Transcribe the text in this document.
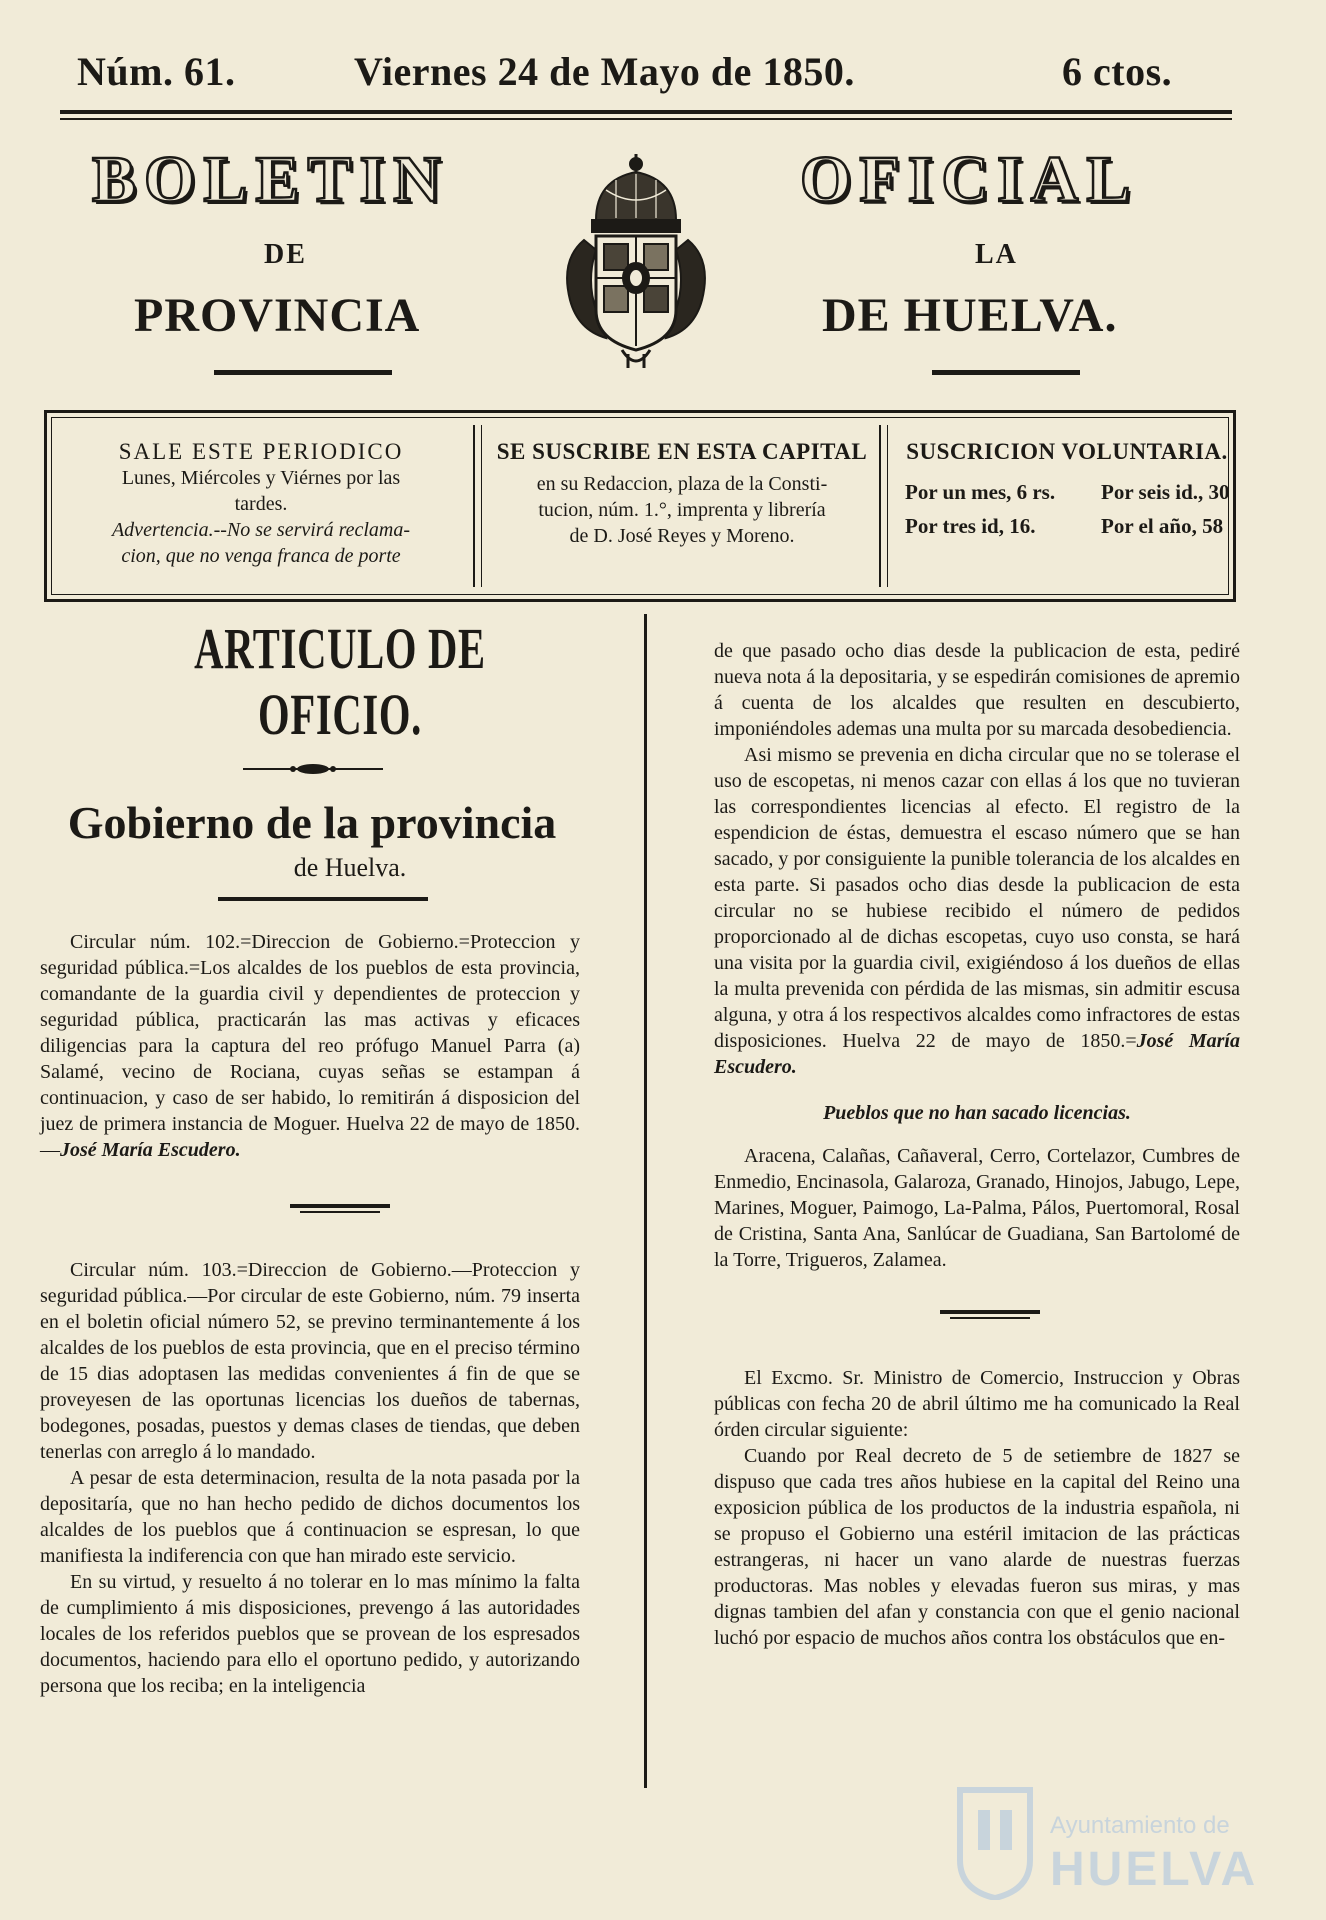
Núm. 61.	Viernes 24 de Mayo de 1850.	6 ctos.
BOLETIN	OFICIAL
DE	LA
PROVINCIA	DE HUELVA.
SALE ESTE PERIODICO
Lunes, Miércoles y Viérnes por las
tardes.
Advertencia.--No se servirá reclama-
cion, que no venga franca de porte
SE SUSCRIBE EN ESTA CAPITAL
en su Redaccion, plaza de la Consti-
tucion, núm. 1.°, imprenta y librería
de D. José Reyes y Moreno.
SUSCRICION VOLUNTARIA.
Por un mes, 6 rs. Por seis id., 30
Por tres id, 16.	Por el año, 58
ARTICULO DE OFICIO.
Gobierno de la provincia
de Huelva.

Circular núm. 102.=Direccion de Gobierno.=Proteccion y seguridad pública.=Los alcaldes de los pueblos de esta provincia, comandante de la guardia civil y dependientes de proteccion y seguridad pública, practicarán las mas activas y eficaces diligencias para la captura del reo prófugo Manuel Parra (a) Salamé, vecino de Rociana, cuyas señas se estampan á continuacion, y caso de ser habido, lo remitirán á disposicion del juez de primera instancia de Moguer. Huelva 22 de mayo de 1850.—José María Escudero.

Circular núm. 103.=Direccion de Gobierno.—Proteccion y seguridad pública.—Por circular de este Gobierno, núm. 79 inserta en el boletin oficial número 52, se previno terminantemente á los alcaldes de los pueblos de esta provincia, que en el preciso término de 15 dias adoptasen las medidas convenientes á fin de que se proveyesen de las oportunas licencias los dueños de tabernas, bodegones, posadas, puestos y demas clases de tiendas, que deben tenerlas con arreglo á lo mandado.

A pesar de esta determinacion, resulta de la nota pasada por la depositaría, que no han hecho pedido de dichos documentos los alcaldes de los pueblos que á continuacion se espresan, lo que manifiesta la indiferencia con que han mirado este servicio.

En su virtud, y resuelto á no tolerar en lo mas mínimo la falta de cumplimiento á mis disposiciones, prevengo á las autoridades locales de los referidos pueblos que se provean de los espresados documentos, haciendo para ello el oportuno pedido, y autorizando persona que los reciba; en la inteligencia

de que pasado ocho dias desde la publicacion de esta, pediré nueva nota á la depositaria, y se espedirán comisiones de apremio á cuenta de los alcaldes que resulten en descubierto, imponiéndoles ademas una multa por su marcada desobediencia.

Asi mismo se prevenia en dicha circular que no se tolerase el uso de escopetas, ni menos cazar con ellas á los que no tuvieran las correspondientes licencias al efecto. El registro de la espendicion de éstas, demuestra el escaso número que se han sacado, y por consiguiente la punible tolerancia de los alcaldes en esta parte. Si pasados ocho dias desde la publicacion de esta circular no se hubiese recibido el número de pedidos proporcionado al de dichas escopetas, cuyo uso consta, se hará una visita por la guardia civil, exigiéndoso á los dueños de ellas la multa prevenida con pérdida de las mismas, sin admitir escusa alguna, y otra á los respectivos alcaldes como infractores de estas disposiciones. Huelva 22 de mayo de 1850.=José María Escudero.

Pueblos que no han sacado licencias.

Aracena, Calañas, Cañaveral, Cerro, Cortelazor, Cumbres de Enmedio, Encinasola, Galaroza, Granado, Hinojos, Jabugo, Lepe, Marines, Moguer, Paimogo, La-Palma, Pálos, Puertomoral, Rosal de Cristina, Santa Ana, Sanlúcar de Guadiana, San Bartolomé de la Torre, Trigueros, Zalamea.

El Excmo. Sr. Ministro de Comercio, Instruccion y Obras públicas con fecha 20 de abril último me ha comunicado la Real órden circular siguiente:

Cuando por Real decreto de 5 de setiembre de 1827 se dispuso que cada tres años hubiese en la capital del Reino una exposicion pública de los productos de la industria española, ni se propuso el Gobierno una estéril imitacion de las prácticas estrangeras, ni hacer un vano alarde de nuestras fuerzas productoras. Mas nobles y elevadas fueron sus miras, y mas dignas tambien del afan y constancia con que el genio nacional luchó por espacio de muchos años contra los obstáculos que en-

Ayuntamiento de
HUELVA
